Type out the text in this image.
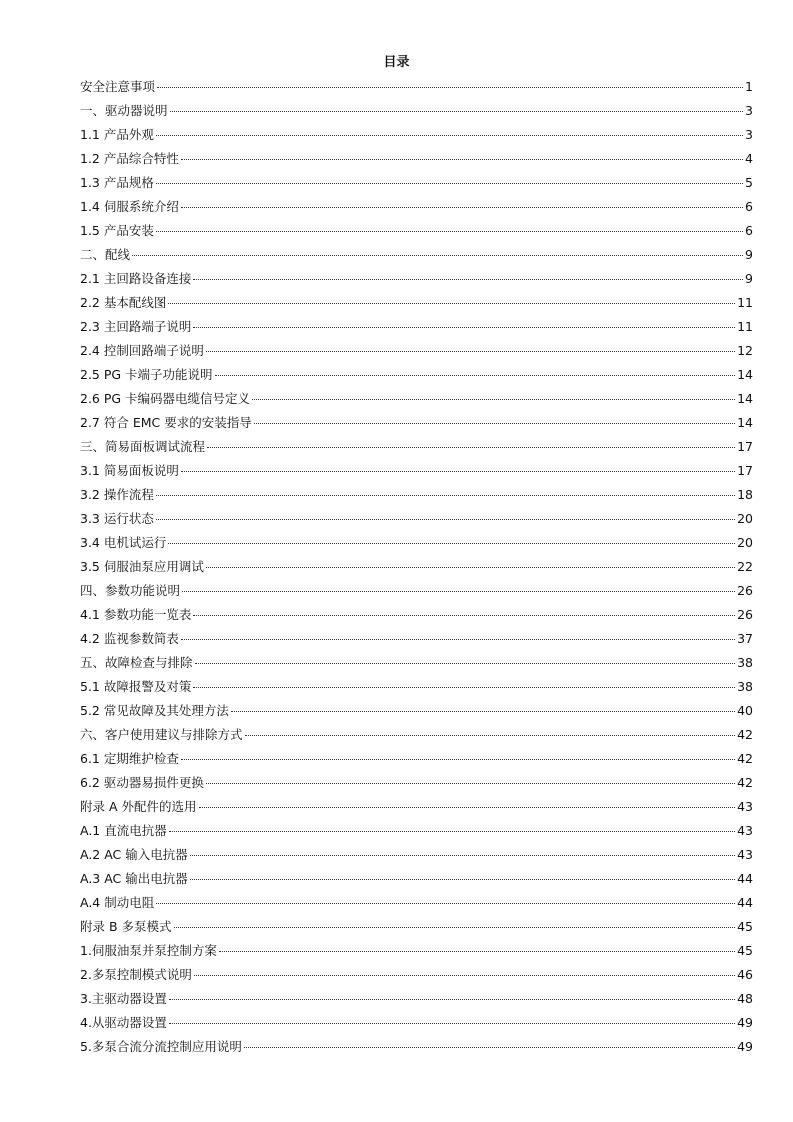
目录
安全注意事项	1
一、驱动器说明	3
1.1 产品外观	3
1.2 产品综合特性	4
1.3 产品规格	5
1.4 伺服系统介绍	6
1.5 产品安装	6
二、配线	9
2.1 主回路设备连接	9
2.2 基本配线图	11
2.3 主回路端子说明	11
2.4 控制回路端子说明	12
2.5 PG 卡端子功能说明	14
2.6 PG 卡编码器电缆信号定义	14
2.7 符合 EMC 要求的安装指导	14
三、简易面板调试流程	17
3.1 简易面板说明	17
3.2 操作流程	18
3.3 运行状态	20
3.4 电机试运行	20
3.5 伺服油泵应用调试	22
四、参数功能说明	26
4.1 参数功能一览表	26
4.2 监视参数简表	37
五、故障检查与排除	38
5.1 故障报警及对策	38
5.2 常见故障及其处理方法	40
六、客户使用建议与排除方式	42
6.1 定期维护检查	42
6.2 驱动器易损件更换	42
附录 A 外配件的选用	43
A.1 直流电抗器	43
A.2 AC 输入电抗器	43
A.3 AC 输出电抗器	44
A.4 制动电阻	44
附录 B 多泵模式	45
1.伺服油泵并泵控制方案	45
2.多泵控制模式说明	46
3.主驱动器设置	48
4.从驱动器设置	49
5.多泵合流分流控制应用说明	49
